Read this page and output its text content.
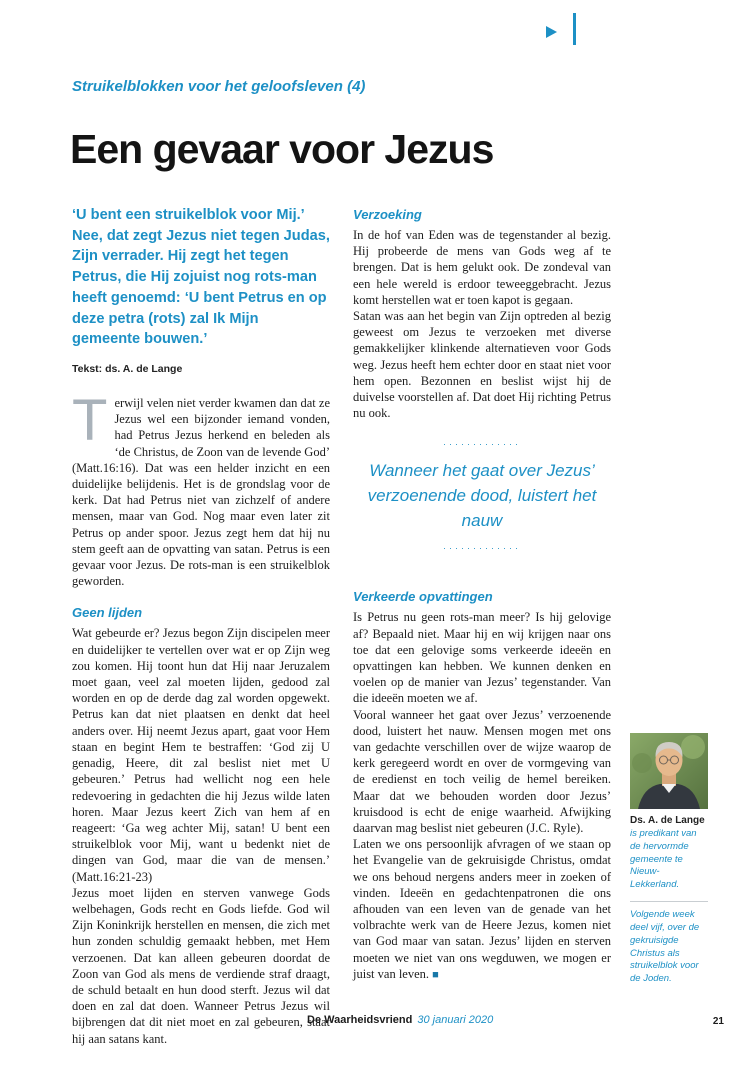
Struikelblokken voor het geloofsleven (4)
Een gevaar voor Jezus

‘U bent een struikelblok voor Mij.’ Nee, dat zegt Jezus niet tegen Judas, Zijn verrader. Hij zegt het tegen Petrus, die Hij zojuist nog rots-man heeft genoemd: ‘U bent Petrus en op deze petra (rots) zal Ik Mijn gemeente bouwen.’

Tekst: ds. A. de Lange

Terwijl velen niet verder kwamen dan dat ze Jezus wel een bijzonder iemand vonden, had Petrus Jezus herkend en beleden als ‘de Christus, de Zoon van de levende God’ (Matt.16:16). Dat was een helder inzicht en een duidelijke belijdenis. Het is de grondslag voor de kerk. Dat had Petrus niet van zichzelf of andere mensen, maar van God. Nog maar even later zit Petrus op ander spoor. Jezus zegt hem dat hij nu stem geeft aan de opvatting van satan. Petrus is een gevaar voor Jezus. De rots-man is een struikelblok geworden.

Geen lijden

Wat gebeurde er? Jezus begon Zijn discipelen meer en duidelijker te vertellen over wat er op Zijn weg zou komen. Hij toont hun dat Hij naar Jeruzalem moet gaan, veel zal moeten lijden, gedood zal worden en op de derde dag zal worden opgewekt. Petrus kan dat niet plaatsen en denkt dat heel anders over. Hij neemt Jezus apart, gaat voor Hem staan en begint Hem te bestraffen: ‘God zij U genadig, Heere, dit zal beslist niet met U gebeuren.’ Petrus had wellicht nog een hele redevoering in gedachten die hij Jezus wilde laten horen. Maar Jezus keert Zich van hem af en reageert: ‘Ga weg achter Mij, satan! U bent een struikelblok voor Mij, want u bedenkt niet de dingen van God, maar die van de mensen.’ (Matt.16:21-23)

Jezus moet lijden en sterven vanwege Gods welbehagen, Gods recht en Gods liefde. God wil Zijn Koninkrijk herstellen en mensen, die zich met hun zonden schuldig gemaakt hebben, met Hem verzoenen. Dat kan alleen gebeuren doordat de Zoon van God als mens de verdiende straf draagt, de schuld betaalt en hun dood sterft. Jezus wil dat doen en zal dat doen. Wanneer Petrus Jezus wil bijbrengen dat dit niet moet en zal gebeuren, staat hij aan satans kant.

Verzoeking

In de hof van Eden was de tegenstander al bezig. Hij probeerde de mens van Gods weg af te brengen. Dat is hem gelukt ook. De zondeval van een hele wereld is erdoor teweeggebracht. Jezus komt herstellen wat er toen kapot is gegaan.

Satan was aan het begin van Zijn optreden al bezig geweest om Jezus te verzoeken met diverse gemakkelijker klinkende alternatieven voor Gods weg. Jezus heeft hem echter door en staat niet voor hem open. Bezonnen en beslist wijst hij de duivelse voorstellen af. Dat doet Hij richting Petrus nu ook.

·············
Wanneer het gaat over Jezus’ verzoenende dood, luistert het nauw
·············
Verkeerde opvattingen

Is Petrus nu geen rots-man meer? Is hij gelovige af? Bepaald niet. Maar hij en wij krijgen naar ons toe dat een gelovige soms verkeerde ideeën en opvattingen kan hebben. We kunnen denken en voelen op de manier van Jezus’ tegenstander. Van die ideeën moeten we af.

Vooral wanneer het gaat over Jezus’ verzoenende dood, luistert het nauw. Mensen mogen met ons van gedachte verschillen over de wijze waarop de kerk geregeerd wordt en over de vormgeving van de eredienst en toch veilig de hemel bereiken. Maar dat we behouden worden door Jezus’ kruisdood is echt de enige waarheid. Afwijking daarvan mag beslist niet gebeuren (J.C. Ryle).

Laten we ons persoonlijk afvragen of we staan op het Evangelie van de gekruisigde Christus, omdat we ons behoud nergens anders meer in zoeken of vinden. Ideeën en gedachtenpatronen die ons afhouden van een leven van de genade van het volbrachte werk van de Heere Jezus, komen niet van God maar van satan. Jezus’ lijden en sterven moeten we niet van ons wegduwen, we mogen er juist van leven. ■

Ds. A. de Lange
is predikant van de hervormde gemeente te Nieuw-Lekkerland.
Volgende week deel vijf, over de gekruisigde Christus als struikelblok voor de Joden.
De Waarheidsvriend 30 januari 2020	21
